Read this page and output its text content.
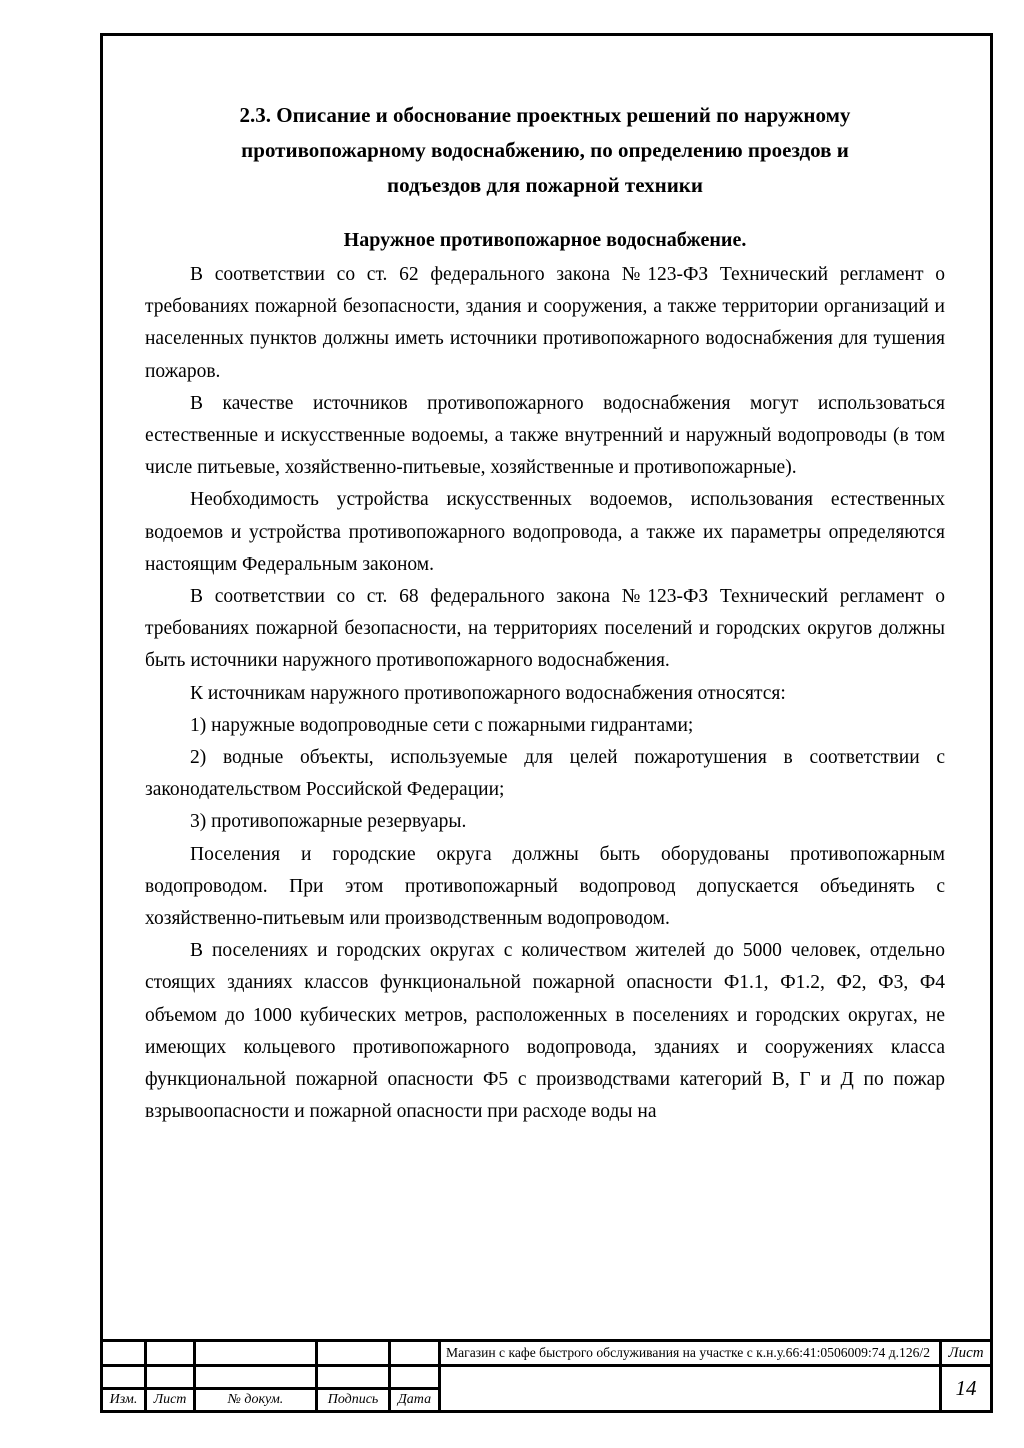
2.3. Описание и обоснование проектных решений по наружному
противопожарному водоснабжению, по определению проездов и
подъездов для пожарной техники
Наружное противопожарное водоснабжение.

В соответствии со ст. 62 федерального закона №123-ФЗ Технический регламент о требованиях пожарной безопасности, здания и сооружения, а также территории организаций и населенных пунктов должны иметь источники противопожарного водоснабжения для тушения пожаров.

В качестве источников противопожарного водоснабжения могут использоваться естественные и искусственные водоемы, а также внутренний и наружный водопроводы (в том числе питьевые, хозяйственно-питьевые, хозяйственные и противопожарные).

Необходимость устройства искусственных водоемов, использования естественных водоемов и устройства противопожарного водопровода, а также их параметры определяются настоящим Федеральным законом.

В соответствии со ст. 68 федерального закона №123-ФЗ Технический регламент о требованиях пожарной безопасности, на территориях поселений и городских округов должны быть источники наружного противопожарного водоснабжения.

К источникам наружного противопожарного водоснабжения относятся:

1) наружные водопроводные сети с пожарными гидрантами;

2) водные объекты, используемые для целей пожаротушения в соответствии с законодательством Российской Федерации;

3) противопожарные резервуары.

Поселения и городские округа должны быть оборудованы противопожарным водопроводом. При этом противопожарный водопровод допускается объединять с хозяйственно-питьевым или производственным водопроводом.

В поселениях и городских округах с количеством жителей до 5000 человек, отдельно стоящих зданиях классов функциональной пожарной опасности Ф1.1, Ф1.2, Ф2, Ф3, Ф4 объемом до 1000 кубических метров, расположенных в поселениях и городских округах, не имеющих кольцевого противопожарного водопровода, зданиях и сооружениях класса функциональной пожарной опасности Ф5 с производствами категорий В, Г и Д по пожар взрывоопасности и пожарной опасности при расходе воды на

Изм.	Лист	№ докум.	Подпись	Дата
Магазин с кафе быстрого обслуживания на участке с к.н.у.66:41:0506009:74 д.126/2	Лист
14
